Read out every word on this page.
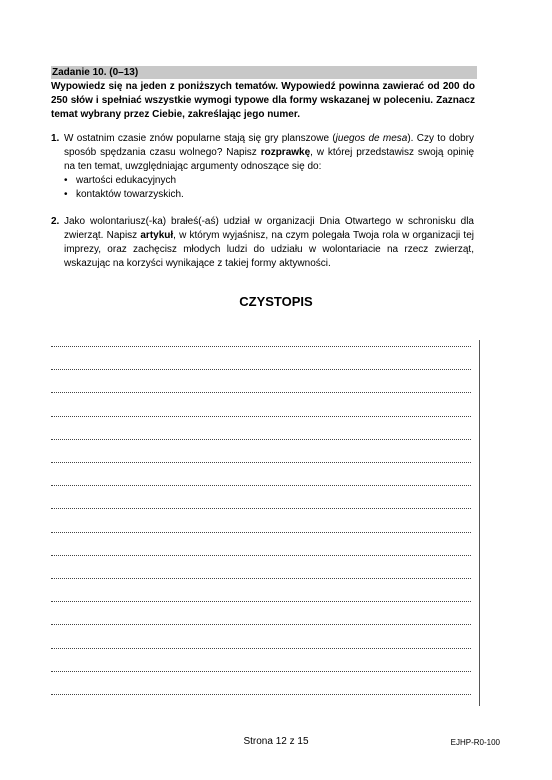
Zadanie 10. (0–13)
Wypowiedz się na jeden z poniższych tematów. Wypowiedź powinna zawierać od 200 do 250 słów i spełniać wszystkie wymogi typowe dla formy wskazanej w poleceniu. Zaznacz temat wybrany przez Ciebie, zakreślając jego numer.
1. W ostatnim czasie znów popularne stają się gry planszowe (juegos de mesa). Czy to dobry sposób spędzania czasu wolnego? Napisz rozprawkę, w której przedstawisz swoją opinię na ten temat, uwzględniając argumenty odnoszące się do:
• wartości edukacyjnych
• kontaktów towarzyskich.
2. Jako wolontariusz(-ka) brałeś(-aś) udział w organizacji Dnia Otwartego w schronisku dla zwierząt. Napisz artykuł, w którym wyjaśnisz, na czym polegała Twoja rola w organizacji tej imprezy, oraz zachęcisz młodych ludzi do udziału w wolontariacie na rzecz zwierząt, wskazując na korzyści wynikające z takiej formy aktywności.
CZYSTOPIS
Strona 12 z 15	EJHP-R0-100
